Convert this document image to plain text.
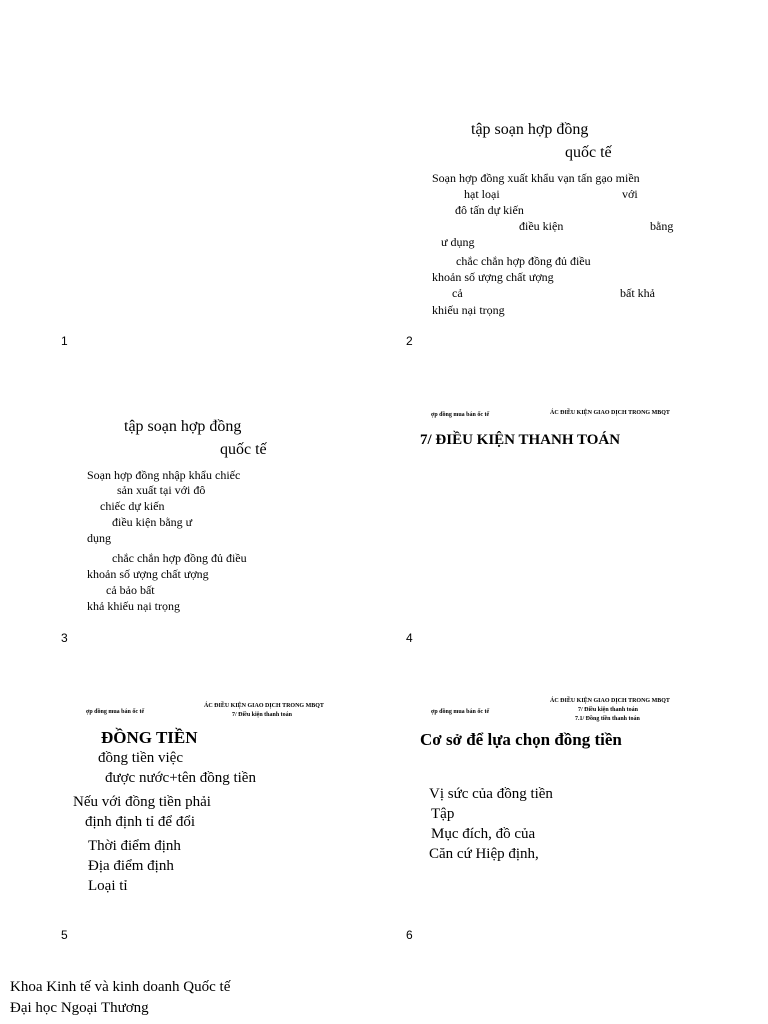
1	2
3	4
5	6
tập soạn hợp đồng
quốc tế
Soạn hợp đồng xuất khẩu vạn tấn gạo miền
hạt loại	với
đô tấn dự kiến
điều kiện	bằng
ư dụng
chắc chắn hợp đồng đủ điều
khoản số ượng chất ượng
cả	bất khả
khiếu nại trọng
tập soạn hợp đồng
quốc tế
Soạn hợp đồng nhập khẩu chiếc
sản xuất tại với đô
chiếc dự kiến
điều kiện bằng ư
dụng
chắc chắn hợp đồng đủ điều
khoản số ượng chất ượng
cả bảo bất
khả khiếu nại trọng
ợp đồng mua bán ốc tế	ÁC ĐIỀU KIỆN GIAO DỊCH TRONG MBQT
7/ ĐIỀU KIỆN THANH TOÁN
ợp đồng mua bán ốc tế
ÁC ĐIỀU KIỆN GIAO DỊCH TRONG MBQT
7/ Điều kiện thanh toán
ĐỒNG TIỀN
đồng tiền việc
được nước+tên đồng tiền
Nếu với đồng tiền phải
định định tỉ để đổi
Thời điểm định
Địa điểm định
Loại tỉ
ợp đồng mua bán ốc tế
ÁC ĐIỀU KIỆN GIAO DỊCH TRONG MBQT
7/ Điều kiện thanh toán
7.1/ Đồng tiền thanh toán
Cơ sở để lựa chọn đồng tiền
Vị sức của đồng tiền
Tập
Mục đích, đồ của
Căn cứ Hiệp định,
Khoa Kinh tế và kinh doanh Quốc tế
Đại học Ngoại Thương
